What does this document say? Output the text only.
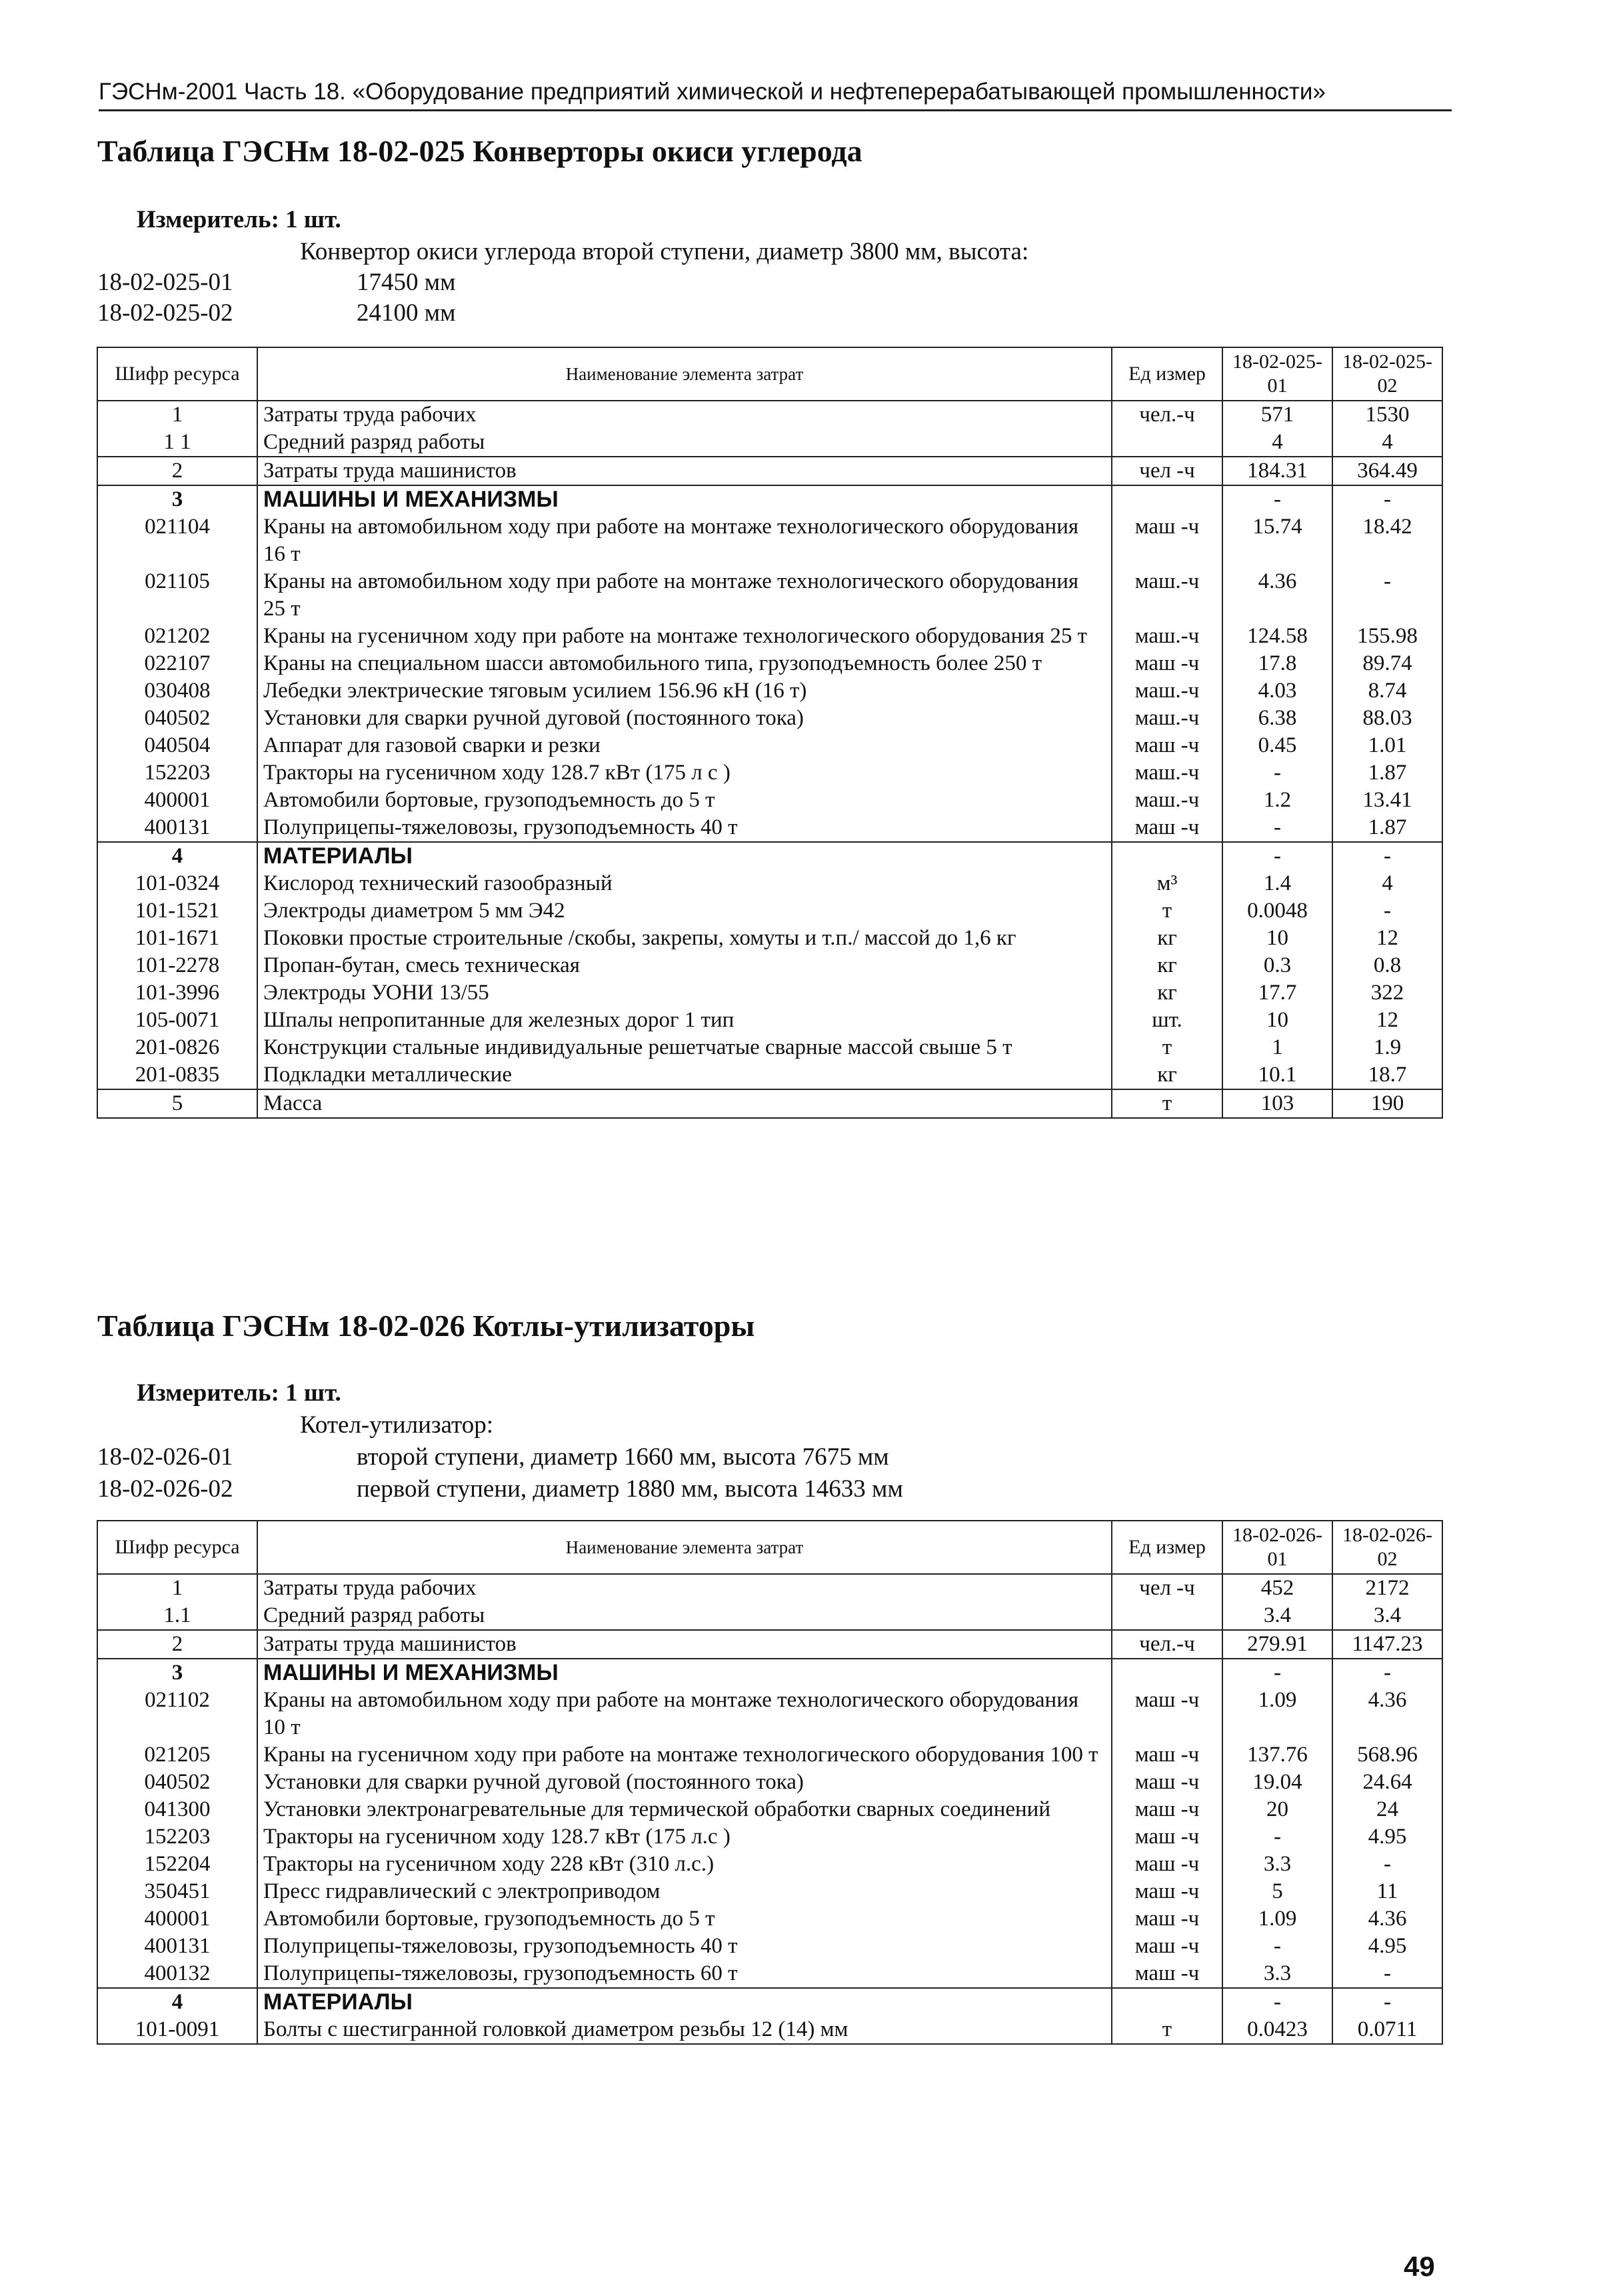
ГЭСНм-2001 Часть 18. «Оборудование предприятий химической и нефтеперерабатывающей промышленности»
Таблица ГЭСНм 18-02-025 Конверторы окиси углерода
Измеритель: 1 шт.
Конвертор окиси углерода второй ступени, диаметр 3800 мм, высота:
18-02-025-01	17450 мм
18-02-025-02	24100 мм
Шифр ресурса	Наименование элемента затрат	Ед измер	18-02-025-01	18-02-025-02
1	Затраты труда рабочих	чел.-ч	571	1530
1 1	Средний разряд работы		4	4
2	Затраты труда машинистов	чел -ч	184.31	364.49
3	МАШИНЫ И МЕХАНИЗМЫ		-	-
021104	Краны на автомобильном ходу при работе на монтаже технологического оборудования 16 т	маш -ч	15.74	18.42
021105	Краны на автомобильном ходу при работе на монтаже технологического оборудования 25 т	маш.-ч	4.36	-
021202	Краны на гусеничном ходу при работе на монтаже технологического оборудования 25 т	маш.-ч	124.58	155.98
022107	Краны на специальном шасси автомобильного типа, грузоподъемность более 250 т	маш -ч	17.8	89.74
030408	Лебедки электрические тяговым усилием 156.96 кН (16 т)	маш.-ч	4.03	8.74
040502	Установки для сварки ручной дуговой (постоянного тока)	маш.-ч	6.38	88.03
040504	Аппарат для газовой сварки и резки	маш -ч	0.45	1.01
152203	Тракторы на гусеничном ходу 128.7 кВт (175 л с )	маш.-ч	-	1.87
400001	Автомобили бортовые, грузоподъемность до 5 т	маш.-ч	1.2	13.41
400131	Полуприцепы-тяжеловозы, грузоподъемность 40 т	маш -ч	-	1.87
4	МАТЕРИАЛЫ		-	-
101-0324	Кислород технический газообразный	м³	1.4	4
101-1521	Электроды диаметром 5 мм Э42	т	0.0048	-
101-1671	Поковки простые строительные /скобы, закрепы, хомуты и т.п./ массой до 1,6 кг	кг	10	12
101-2278	Пропан-бутан, смесь техническая	кг	0.3	0.8
101-3996	Электроды УОНИ 13/55	кг	17.7	322
105-0071	Шпалы непропитанные для железных дорог 1 тип	шт.	10	12
201-0826	Конструкции стальные индивидуальные решетчатые сварные массой свыше 5 т	т	1	1.9
201-0835	Подкладки металлические	кг	10.1	18.7
5	Масса	т	103	190
Таблица ГЭСНм 18-02-026 Котлы-утилизаторы
Измеритель: 1 шт.
Котел-утилизатор:
18-02-026-01	второй ступени, диаметр 1660 мм, высота 7675 мм
18-02-026-02	первой ступени, диаметр 1880 мм, высота 14633 мм
Шифр ресурса	Наименование элемента затрат	Ед измер	18-02-026-01	18-02-026-02
1	Затраты труда рабочих	чел -ч	452	2172
1.1	Средний разряд работы		3.4	3.4
2	Затраты труда машинистов	чел.-ч	279.91	1147.23
3	МАШИНЫ И МЕХАНИЗМЫ		-	-
021102	Краны на автомобильном ходу при работе на монтаже технологического оборудования 10 т	маш -ч	1.09	4.36
021205	Краны на гусеничном ходу при работе на монтаже технологического оборудования 100 т	маш -ч	137.76	568.96
040502	Установки для сварки ручной дуговой (постоянного тока)	маш -ч	19.04	24.64
041300	Установки электронагревательные для термической обработки сварных соединений	маш -ч	20	24
152203	Тракторы на гусеничном ходу 128.7 кВт (175 л.с )	маш -ч	-	4.95
152204	Тракторы на гусеничном ходу 228 кВт (310 л.с.)	маш -ч	3.3	-
350451	Пресс гидравлический с электроприводом	маш -ч	5	11
400001	Автомобили бортовые, грузоподъемность до 5 т	маш -ч	1.09	4.36
400131	Полуприцепы-тяжеловозы, грузоподъемность 40 т	маш -ч	-	4.95
400132	Полуприцепы-тяжеловозы, грузоподъемность 60 т	маш -ч	3.3	-
4	МАТЕРИАЛЫ		-	-
101-0091	Болты с шестигранной головкой диаметром резьбы 12 (14) мм	т	0.0423	0.0711
49
